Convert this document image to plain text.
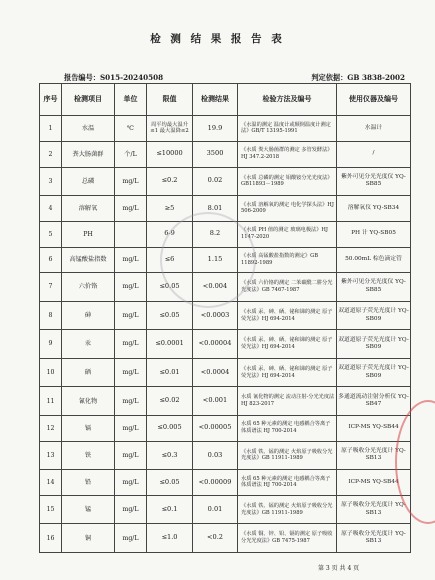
检 测 结 果 报 告 表
报告编号：S015-20240508	判定依据：GB 3838-2002
序号	检测项目	单位	限值	检测结果	检验方法及编号	使用仪器及编号
1	水温	℃	周平均最大温升≤1 最大温降≤2	19.9	《水温的测定 温度计或颠倒温度计测定法》GB/T 13195-1991	水温计
2	粪大肠菌群	个/L	≤10000	3500	《水质 粪大肠菌群的测定 多管发酵法》HJ 347.2-2018	/
3	总磷	mg/L	≤0.2	0.02	《水质 总磷的测定 钼酸铵分光光度法》GB11893－1989	紫外可见分光光度仪 YQ-SB85
4	溶解氧	mg/L	≥5	8.01	《水质 溶解氧的测定 电化学探头法》HJ 506-2009	溶解氧仪 YQ-SB34
5	PH		6-9	8.2	《水质 PH 值的测定 玻璃电极法》HJ 1147-2020	PH 计 YQ-SB05
6	高锰酸盐指数	mg/L	≤6	1.15	《水质 高锰酸盐指数的测定》GB 11892-1989	50.00mL 棕色滴定管
7	六价铬	mg/L	≤0.05	<0.004	《水质 六价铬的测定 二苯碳酰二肼分光光度法》GB 7467-1987	紫外可见分光光度仪 YQ-SB85
8	砷	mg/L	≤0.05	<0.0003	《水质 汞、砷、硒、铋和锑的测定 原子荧光法》HJ 694-2014	双道道原子荧光光度计 YQ-SB09
9	汞	mg/L	≤0.0001	<0.00004	《水质 汞、砷、硒、铋和锑的测定 原子荧光法》HJ 694-2014	双道道原子荧光光度计 YQ-SB09
10	硒	mg/L	≤0.01	<0.0004	《水质 汞、砷、硒、铋和锑的测定 原子荧光法》HJ 694-2014	双道道原子荧光光度计 YQ-SB09
11	氰化物	mg/L	≤0.02	<0.001	水质 氰化物的测定 流动注射-分光光度法 HJ 823-2017	多通道流动注射分析仪 YQ-SB47
12	镉	mg/L	≤0.005	<0.00005	水质 65 种元素的测定 电感耦合等离子体质谱法 HJ 700-2014	ICP-MS YQ-SB44
13	铁	mg/L	≤0.3	0.03	《水质 铁、锰的测定 火焰原子吸收分光光度法》GB 11911-1989	原子吸收分光光度计 YQ-SB13
14	铅	mg/L	≤0.05	<0.00009	水质 65 种元素的测定 电感耦合等离子体质谱法 HJ 700-2014	ICP-MS YQ-SB44
15	锰	mg/L	≤0.1	0.01	《水质 铁、锰的测定 火焰原子吸收分光光度法》GB 11911-1989	原子吸收分光光度计 YQ-SB13
16	铜	mg/L	≤1.0	<0.2	《水质 铜、锌、铅、镉的测定 原子吸收分光光度法》GB 7475-1987	原子吸收分光光度计 YQ-SB13
第 3 页 共 4 页
